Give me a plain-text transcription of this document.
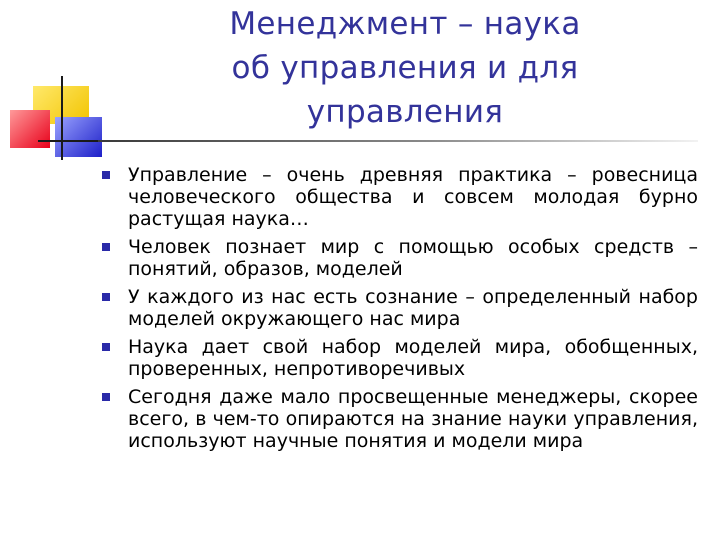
Менеджмент – наука
об управления и для
управления
Управление – очень древняя практика – ровесница человеческого общества и совсем молодая бурно растущая наука…
Человек познает мир с помощью особых средств – понятий, образов, моделей
У каждого из нас есть сознание – определенный набор моделей окружающего нас мира
Наука дает свой набор моделей мира, обобщенных, проверенных, непротиворечивых
Сегодня даже мало просвещенные менеджеры, скорее всего, в чем-то опираются на знание науки управления, используют научные понятия и модели мира
